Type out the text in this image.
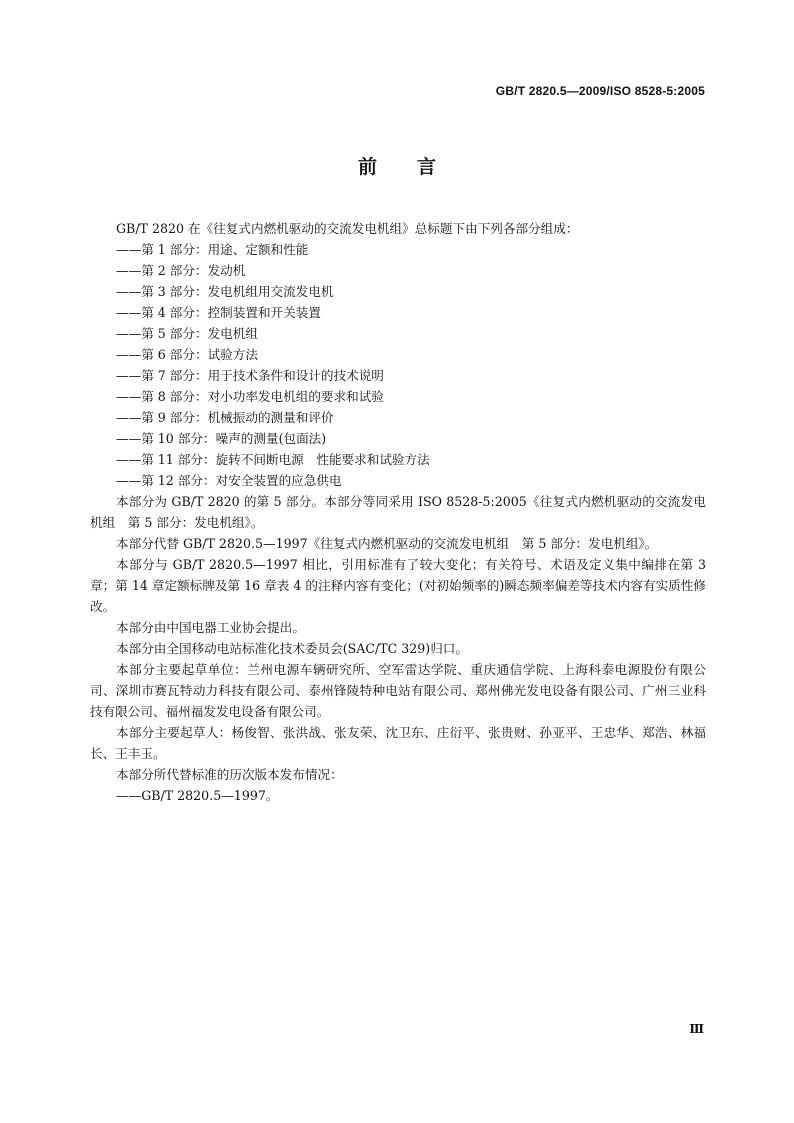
GB/T 2820.5—2009/ISO 8528-5:2005
前言

GB/T 2820 在《往复式内燃机驱动的交流发电机组》总标题下由下列各部分组成：

——第 1 部分：用途、定额和性能

——第 2 部分：发动机

——第 3 部分：发电机组用交流发电机

——第 4 部分：控制装置和开关装置

——第 5 部分：发电机组

——第 6 部分：试验方法

——第 7 部分：用于技术条件和设计的技术说明

——第 8 部分：对小功率发电机组的要求和试验

——第 9 部分：机械振动的测量和评价

——第 10 部分：噪声的测量(包面法)

——第 11 部分：旋转不间断电源　性能要求和试验方法

——第 12 部分：对安全装置的应急供电

本部分为 GB/T 2820 的第 5 部分。本部分等同采用 ISO 8528-5:2005《往复式内燃机驱动的交流发电机组　第 5 部分：发电机组》。

本部分代替 GB/T 2820.5—1997《往复式内燃机驱动的交流发电机组　第 5 部分：发电机组》。

本部分与 GB/T 2820.5—1997 相比，引用标准有了较大变化；有关符号、术语及定义集中编排在第 3 章；第 14 章定额标牌及第 16 章表 4 的注释内容有变化；(对初始频率的)瞬态频率偏差等技术内容有实质性修改。

本部分由中国电器工业协会提出。

本部分由全国移动电站标准化技术委员会(SAC/TC 329)归口。

本部分主要起草单位：兰州电源车辆研究所、空军雷达学院、重庆通信学院、上海科泰电源股份有限公司、深圳市赛瓦特动力科技有限公司、泰州锋陵特种电站有限公司、郑州佛光发电设备有限公司、广州三业科技有限公司、福州福发发电设备有限公司。

本部分主要起草人：杨俊智、张洪战、张友荣、沈卫东、庄衍平、张贵财、孙亚平、王忠华、郑浩、林福长、王丰玉。

本部分所代替标准的历次版本发布情况：

——GB/T 2820.5—1997。

Ⅲ
